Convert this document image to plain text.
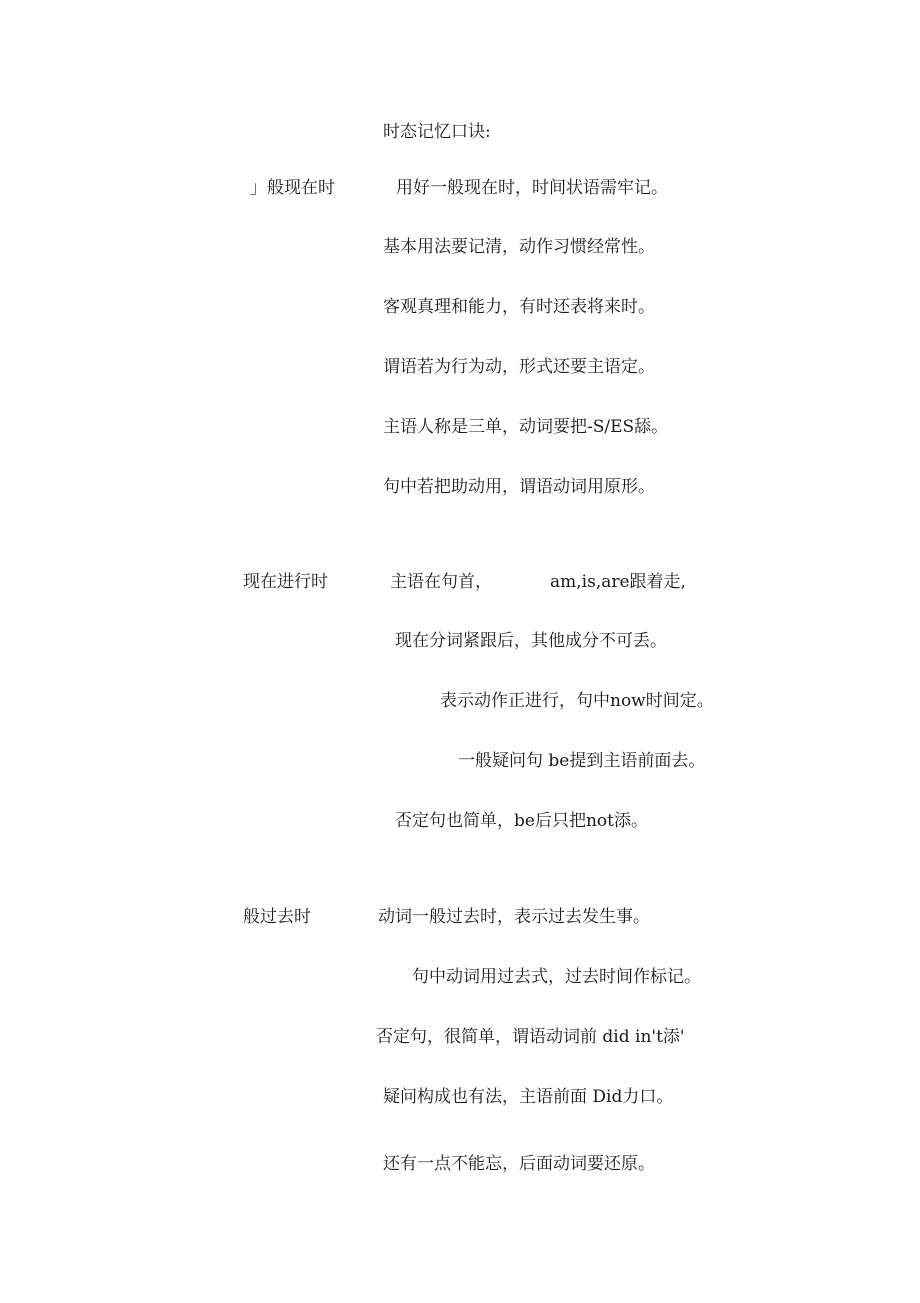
时态记忆口诀:
」般现在时	用好一般现在时，时间状语需牢记。
基本用法要记清，动作习惯经常性。
客观真理和能力，有时还表将来时。
谓语若为行为动，形式还要主语定。
主语人称是三单，动词要把-S/ES舔。
句中若把助动用，谓语动词用原形。
现在进行时	主语在句首，	am,is,are跟着走,
现在分词紧跟后，其他成分不可丢。
表示动作正进行，句中now时间定。
一般疑问句 be提到主语前面去。
否定句也简单，be后只把not添。
般过去时	动词一般过去时，表示过去发生事。
句中动词用过去式，过去时间作标记。
否定句，很简单，谓语动词前 did in't添'
疑问构成也有法，主语前面 Did力口。
还有一点不能忘，后面动词要还原。
